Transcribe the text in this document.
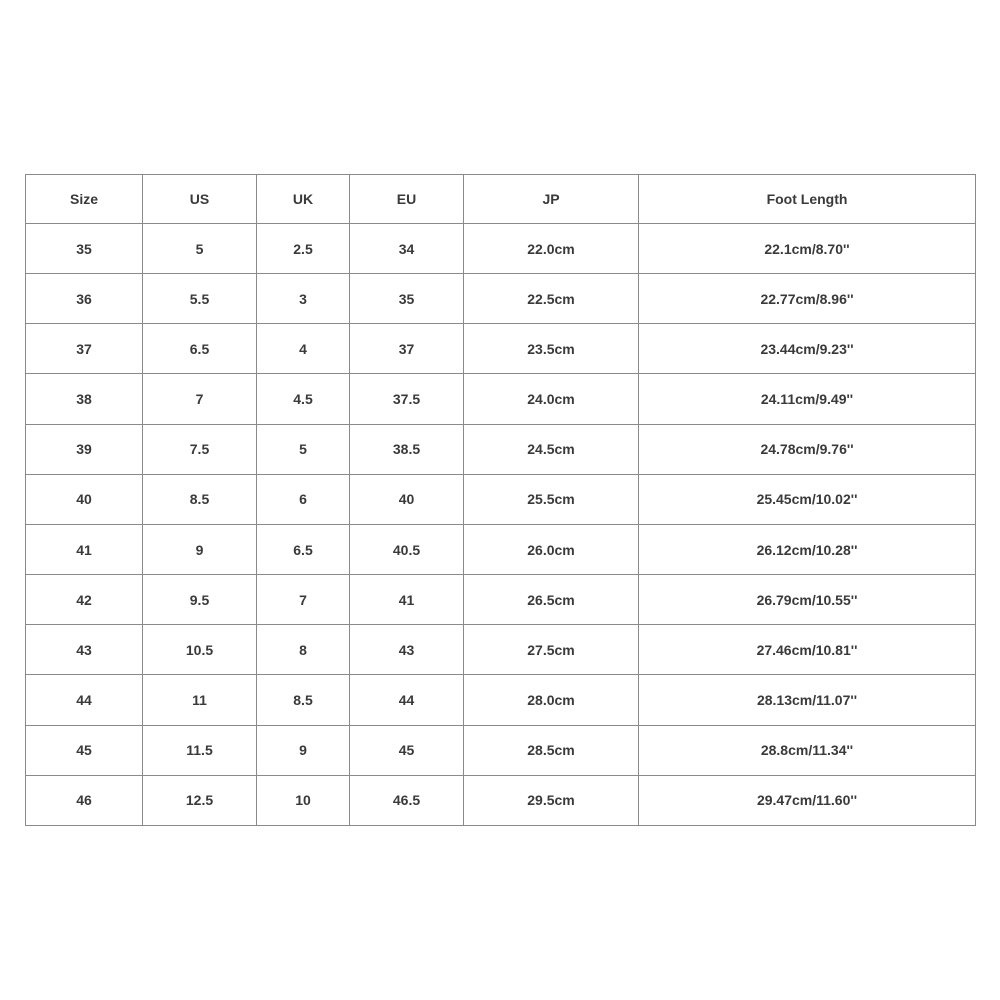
Size	US	UK	EU	JP	Foot Length
35	5	2.5	34	22.0cm	22.1cm/8.70''
36	5.5	3	35	22.5cm	22.77cm/8.96''
37	6.5	4	37	23.5cm	23.44cm/9.23''
38	7	4.5	37.5	24.0cm	24.11cm/9.49''
39	7.5	5	38.5	24.5cm	24.78cm/9.76''
40	8.5	6	40	25.5cm	25.45cm/10.02''
41	9	6.5	40.5	26.0cm	26.12cm/10.28''
42	9.5	7	41	26.5cm	26.79cm/10.55''
43	10.5	8	43	27.5cm	27.46cm/10.81''
44	11	8.5	44	28.0cm	28.13cm/11.07''
45	11.5	9	45	28.5cm	28.8cm/11.34''
46	12.5	10	46.5	29.5cm	29.47cm/11.60''
